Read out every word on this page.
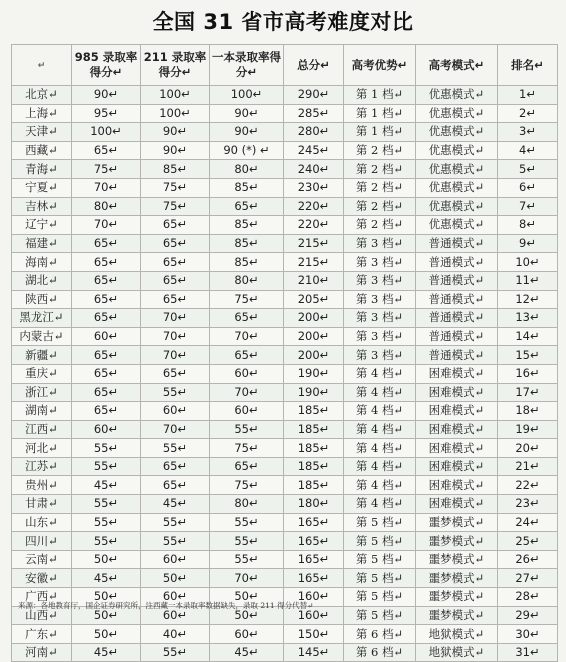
全国 31 省市高考难度对比
↵	985 录取率得分↵	211 录取率得分↵	一本录取率得分↵	总分↵	高考优势↵	高考模式↵	排名↵
北京↵	90↵	100↵	100↵	290↵	第 1 档↵	优惠模式↵	1↵
上海↵	95↵	100↵	90↵	285↵	第 1 档↵	优惠模式↵	2↵
天津↵	100↵	90↵	90↵	280↵	第 1 档↵	优惠模式↵	3↵
西藏↵	65↵	90↵	90 (*) ↵	245↵	第 2 档↵	优惠模式↵	4↵
青海↵	75↵	85↵	80↵	240↵	第 2 档↵	优惠模式↵	5↵
宁夏↵	70↵	75↵	85↵	230↵	第 2 档↵	优惠模式↵	6↵
吉林↵	80↵	75↵	65↵	220↵	第 2 档↵	优惠模式↵	7↵
辽宁↵	70↵	65↵	85↵	220↵	第 2 档↵	优惠模式↵	8↵
福建↵	65↵	65↵	85↵	215↵	第 3 档↵	普通模式↵	9↵
海南↵	65↵	65↵	85↵	215↵	第 3 档↵	普通模式↵	10↵
湖北↵	65↵	65↵	80↵	210↵	第 3 档↵	普通模式↵	11↵
陕西↵	65↵	65↵	75↵	205↵	第 3 档↵	普通模式↵	12↵
黑龙江↵	65↵	70↵	65↵	200↵	第 3 档↵	普通模式↵	13↵
内蒙古↵	60↵	70↵	70↵	200↵	第 3 档↵	普通模式↵	14↵
新疆↵	65↵	70↵	65↵	200↵	第 3 档↵	普通模式↵	15↵
重庆↵	65↵	65↵	60↵	190↵	第 4 档↵	困难模式↵	16↵
浙江↵	65↵	55↵	70↵	190↵	第 4 档↵	困难模式↵	17↵
湖南↵	65↵	60↵	60↵	185↵	第 4 档↵	困难模式↵	18↵
江西↵	60↵	70↵	55↵	185↵	第 4 档↵	困难模式↵	19↵
河北↵	55↵	55↵	75↵	185↵	第 4 档↵	困难模式↵	20↵
江苏↵	55↵	65↵	65↵	185↵	第 4 档↵	困难模式↵	21↵
贵州↵	45↵	65↵	75↵	185↵	第 4 档↵	困难模式↵	22↵
甘肃↵	55↵	45↵	80↵	180↵	第 4 档↵	困难模式↵	23↵
山东↵	55↵	55↵	55↵	165↵	第 5 档↵	噩梦模式↵	24↵
四川↵	55↵	55↵	55↵	165↵	第 5 档↵	噩梦模式↵	25↵
云南↵	50↵	60↵	55↵	165↵	第 5 档↵	噩梦模式↵	26↵
安徽↵	45↵	50↵	70↵	165↵	第 5 档↵	噩梦模式↵	27↵
广西↵	50↵	60↵	50↵	160↵	第 5 档↵	噩梦模式↵	28↵
山西↵	50↵	60↵	50↵	160↵	第 5 档↵	噩梦模式↵	29↵
广东↵	50↵	40↵	60↵	150↵	第 6 档↵	地狱模式↵	30↵
河南↵	45↵	55↵	45↵	145↵	第 6 档↵	地狱模式↵	31↵
来源：各地教育厅，国企证券研究所，注西藏一本录取率数据缺失，录取 211 得分代替↵
